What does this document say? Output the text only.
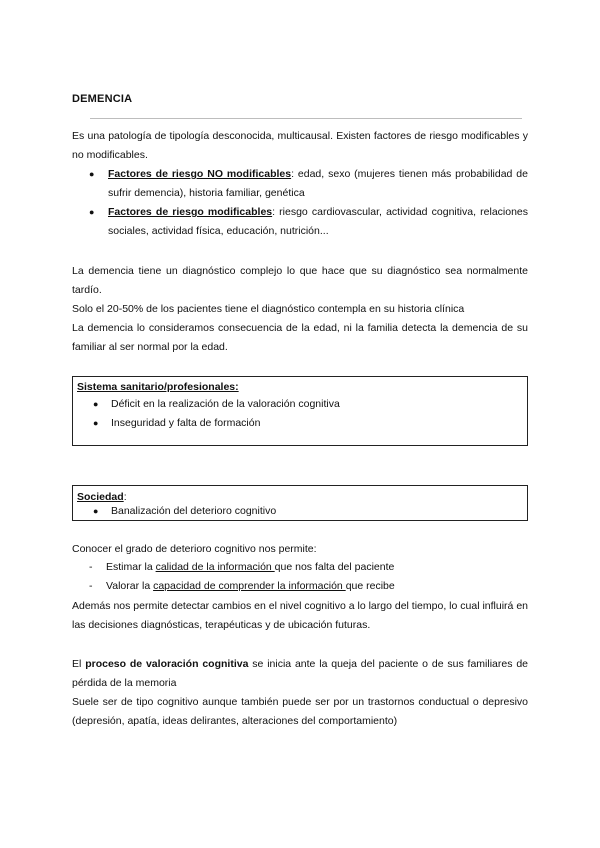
DEMENCIA
Es una patología de tipología desconocida, multicausal. Existen factores de riesgo modificables y no modificables.
● Factores de riesgo NO modificables: edad, sexo (mujeres tienen más probabilidad de sufrir demencia), historia familiar, genética
● Factores de riesgo modificables: riesgo cardiovascular, actividad cognitiva, relaciones sociales, actividad física, educación, nutrición...
La demencia tiene un diagnóstico complejo lo que hace que su diagnóstico sea normalmente tardío.
Solo el 20-50% de los pacientes tiene el diagnóstico contempla en su historia clínica
La demencia lo consideramos consecuencia de la edad, ni la familia detecta la demencia de su familiar al ser normal por la edad.
Sistema sanitario/profesionales:
● Déficit en la realización de la valoración cognitiva
● Inseguridad y falta de formación
Sociedad:
● Banalización del deterioro cognitivo
Conocer el grado de deterioro cognitivo nos permite:
- Estimar la calidad de la información que nos falta del paciente
- Valorar la capacidad de comprender la información que recibe
Además nos permite detectar cambios en el nivel cognitivo a lo largo del tiempo, lo cual influirá en las decisiones diagnósticas, terapéuticas y de ubicación futuras.
El proceso de valoración cognitiva se inicia ante la queja del paciente o de sus familiares de pérdida de la memoria
Suele ser de tipo cognitivo aunque también puede ser por un trastornos conductual o depresivo (depresión, apatía, ideas delirantes, alteraciones del comportamiento)
